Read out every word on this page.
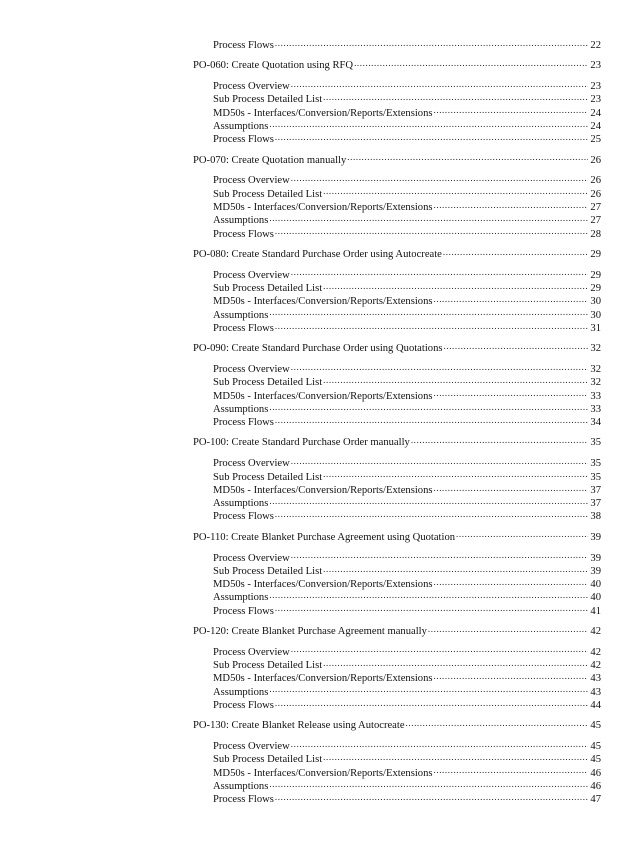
Process Flows .....	22
PO-060: Create Quotation using RFQ .....	23
Process Overview .....	23
Sub Process Detailed List .....	23
MD50s - Interfaces/Conversion/Reports/Extensions .....	24
Assumptions .....	24
Process Flows .....	25
PO-070: Create Quotation manually .....	26
Process Overview .....	26
Sub Process Detailed List .....	26
MD50s - Interfaces/Conversion/Reports/Extensions .....	27
Assumptions .....	27
Process Flows .....	28
PO-080: Create Standard Purchase Order using Autocreate .....	29
Process Overview .....	29
Sub Process Detailed List .....	29
MD50s - Interfaces/Conversion/Reports/Extensions .....	30
Assumptions .....	30
Process Flows .....	31
PO-090: Create Standard Purchase Order using Quotations .....	32
Process Overview .....	32
Sub Process Detailed List .....	32
MD50s - Interfaces/Conversion/Reports/Extensions .....	33
Assumptions .....	33
Process Flows .....	34
PO-100: Create Standard Purchase Order manually .....	35
Process Overview .....	35
Sub Process Detailed List .....	35
MD50s - Interfaces/Conversion/Reports/Extensions .....	37
Assumptions .....	37
Process Flows .....	38
PO-110: Create Blanket Purchase Agreement using Quotation .....	39
Process Overview .....	39
Sub Process Detailed List .....	39
MD50s - Interfaces/Conversion/Reports/Extensions .....	40
Assumptions .....	40
Process Flows .....	41
PO-120: Create Blanket Purchase Agreement manually .....	42
Process Overview .....	42
Sub Process Detailed List .....	42
MD50s - Interfaces/Conversion/Reports/Extensions .....	43
Assumptions .....	43
Process Flows .....	44
PO-130: Create Blanket Release using Autocreate .....	45
Process Overview .....	45
Sub Process Detailed List .....	45
MD50s - Interfaces/Conversion/Reports/Extensions .....	46
Assumptions .....	46
Process Flows .....	47
